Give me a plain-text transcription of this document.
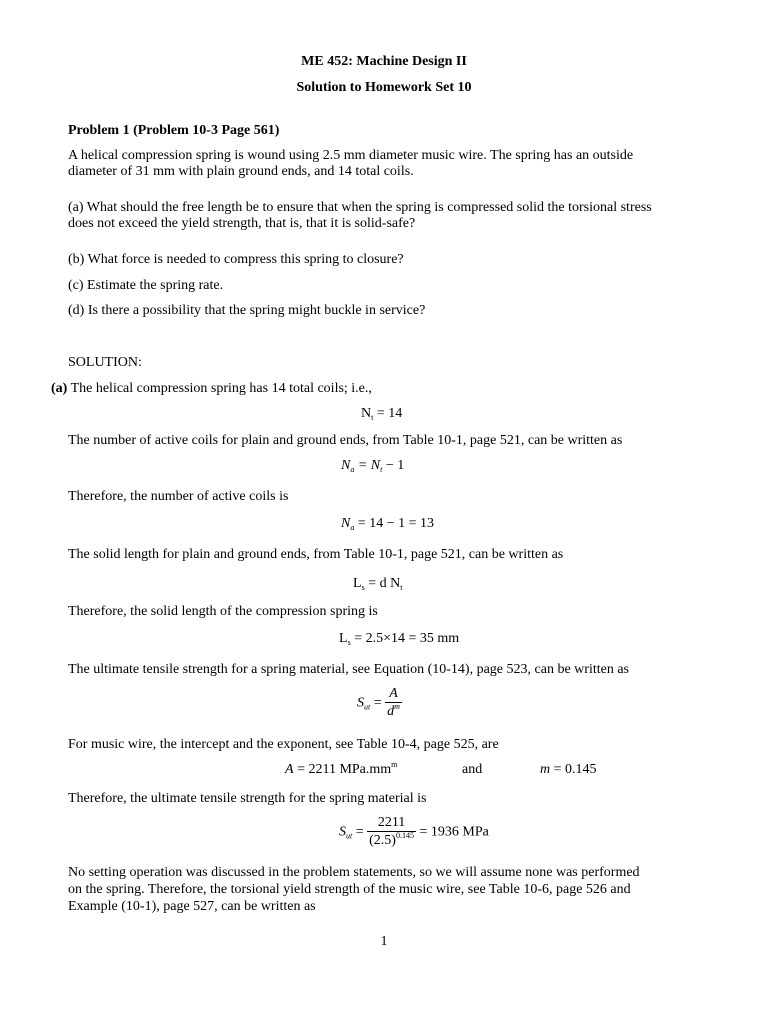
ME 452: Machine Design II
Solution to Homework Set 10
Problem 1 (Problem 10-3 Page 561)
A helical compression spring is wound using 2.5 mm diameter music wire. The spring has an outside
diameter of 31 mm with plain ground ends, and 14 total coils.
(a) What should the free length be to ensure that when the spring is compressed solid the torsional stress
does not exceed the yield strength, that is, that it is solid-safe?
(b) What force is needed to compress this spring to closure?
(c) Estimate the spring rate.
(d) Is there a possibility that the spring might buckle in service?
SOLUTION:
(a) The helical compression spring has 14 total coils; i.e.,
$N_t = 14$
The number of active coils for plain and ground ends, from Table 10-1, page 521, can be written as
$N_a = N_t - 1$
Therefore, the number of active coils is
$N_a = 14 - 1 = 13$
The solid length for plain and ground ends, from Table 10-1, page 521, can be written as
$L_s = d$ $N_t$
Therefore, the solid length of the compression spring is
$L_s = 2.5\times 14 = 35$ mm
The ultimate tensile strength for a spring material, see Equation (10-14), page 523, can be written as
$S_{ut} = \frac{A}{d^m}$
For music wire, the intercept and the exponent, see Table 10-4, page 525, are
A = 2211 $MPa.mm^m$	and	m = 0.145
Therefore, the ultimate tensile strength for the spring material is
$S_{ut} = \frac{2211}{(2.5)^{0.145}} = 1936$ MPa
No setting operation was discussed in the problem statements, so we will assume none was performed
on the spring. Therefore, the torsional yield strength of the music wire, see Table 10-6, page 526 and
Example (10-1), page 527, can be written as
1
